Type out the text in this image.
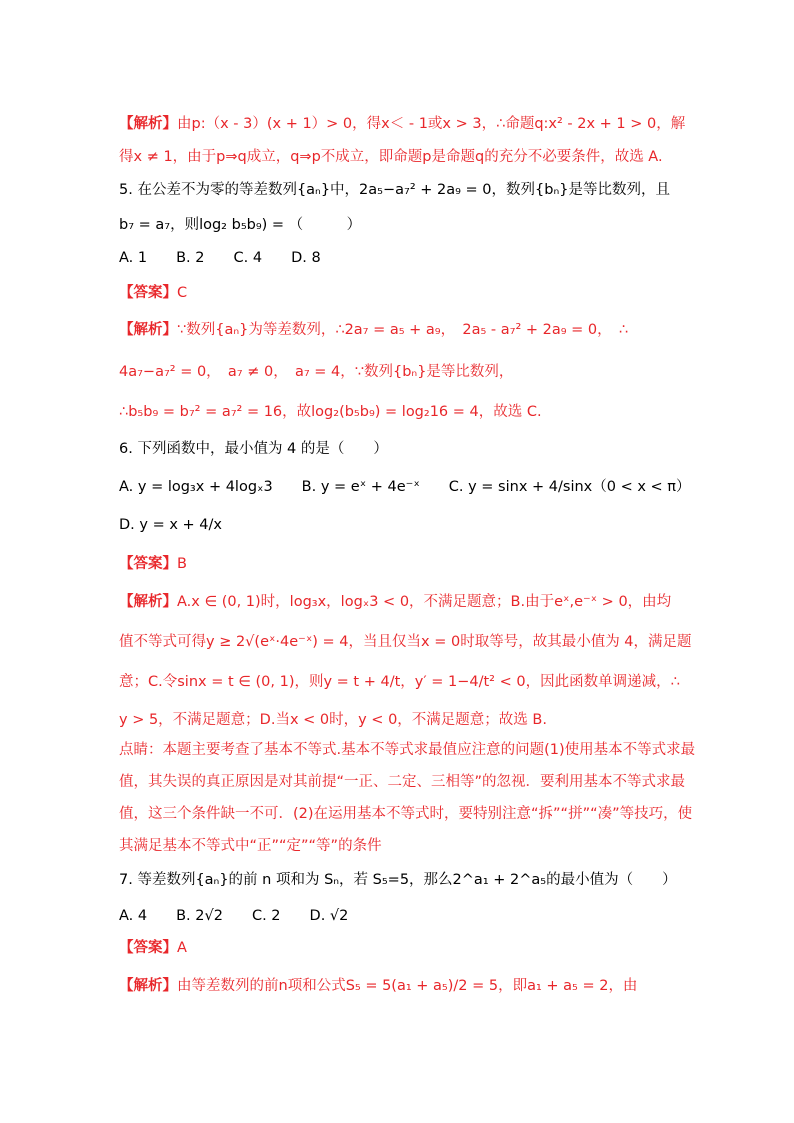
【解析】由p:（x - 3）(x + 1）> 0，得x＜ - 1或x > 3，∴命题q:x² - 2x + 1 > 0，解
得x ≠ 1，由于p⇒q成立，q⇒p不成立，即命题p是命题q的充分不必要条件，故选 A.
5. 在公差不为零的等差数列{aₙ}中，2a₅−a₇² + 2a₉ = 0，数列{bₙ}是等比数列，且
b₇ = a₇，则log₂ b₅b₉) = （　　　）
A. 1　　B. 2　　C. 4　　D. 8
【答案】C
【解析】∵数列{aₙ}为等差数列，∴2a₇ = a₅ + a₉，　2a₅ - a₇² + 2a₉ = 0，　∴
4a₇−a₇² = 0，　a₇ ≠ 0，　a₇ = 4，∵数列{bₙ}是等比数列，
∴b₅b₉ = b₇² = a₇² = 16，故log₂(b₅b₉) = log₂16 = 4，故选 C.
6. 下列函数中，最小值为 4 的是（　　）
A. y = log₃x + 4logₓ3　　B. y = eˣ + 4e⁻ˣ　　C. y = sinx + 4/sinx（0 < x < π）
D. y = x + 4/x
【答案】B
【解析】A.x ∈ (0, 1)时，log₃x，logₓ3 < 0，不满足题意；B.由于eˣ,e⁻ˣ > 0，由均
值不等式可得y ≥ 2√(eˣ·4e⁻ˣ) = 4，当且仅当x = 0时取等号，故其最小值为 4，满足题
意；C.令sinx = t ∈ (0, 1)，则y = t + 4/t，y′ = 1−4/t² < 0，因此函数单调递减，∴
y > 5，不满足题意；D.当x < 0时，y < 0，不满足题意；故选 B.
点睛：本题主要考查了基本不等式.基本不等式求最值应注意的问题(1)使用基本不等式求最
值，其失误的真正原因是对其前提“一正、二定、三相等”的忽视．要利用基本不等式求最
值，这三个条件缺一不可．(2)在运用基本不等式时，要特别注意“拆”“拼”“凑”等技巧，使
其满足基本不等式中“正”“定”“等”的条件
7. 等差数列{aₙ}的前 n 项和为 Sₙ，若 S₅=5，那么2^a₁ + 2^a₅的最小值为（　　）
A. 4　　B. 2√2　　C. 2　　D. √2
【答案】A
【解析】由等差数列的前n项和公式S₅ = 5(a₁ + a₅)/2 = 5，即a₁ + a₅ = 2，由
